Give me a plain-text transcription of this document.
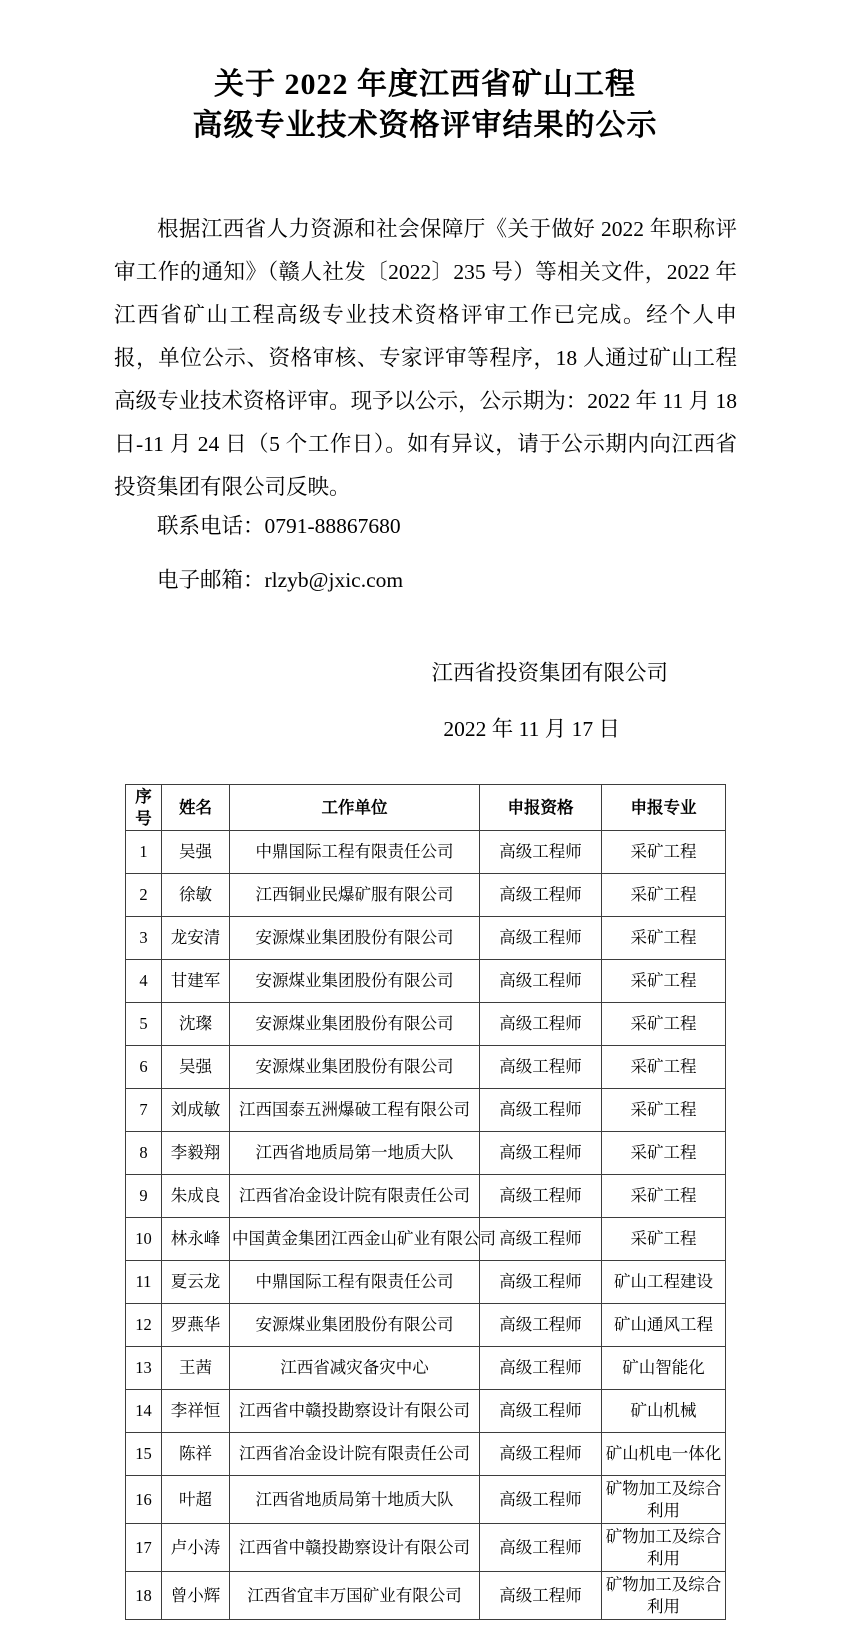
关于 2022 年度江西省矿山工程
高级专业技术资格评审结果的公示

根据江西省人力资源和社会保障厅《关于做好 2022 年职称评审工作的通知》（赣人社发〔2022〕235 号）等相关文件，2022 年江西省矿山工程高级专业技术资格评审工作已完成。经个人申报，单位公示、资格审核、专家评审等程序，18 人通过矿山工程高级专业技术资格评审。现予以公示，公示期为：2022 年 11 月 18 日-11 月 24 日（5 个工作日）。如有异议，请于公示期内向江西省投资集团有限公司反映。

联系电话：0791-88867680

电子邮箱：rlzyb@jxic.com

江西省投资集团有限公司
2022 年 11 月 17 日
序号	姓名	工作单位	申报资格	申报专业
1	吴强	中鼎国际工程有限责任公司	高级工程师	采矿工程
2	徐敏	江西铜业民爆矿服有限公司	高级工程师	采矿工程
3	龙安清	安源煤业集团股份有限公司	高级工程师	采矿工程
4	甘建军	安源煤业集团股份有限公司	高级工程师	采矿工程
5	沈璨	安源煤业集团股份有限公司	高级工程师	采矿工程
6	吴强	安源煤业集团股份有限公司	高级工程师	采矿工程
7	刘成敏	江西国泰五洲爆破工程有限公司	高级工程师	采矿工程
8	李毅翔	江西省地质局第一地质大队	高级工程师	采矿工程
9	朱成良	江西省冶金设计院有限责任公司	高级工程师	采矿工程
10	林永峰	中国黄金集团江西金山矿业有限公司	高级工程师	采矿工程
11	夏云龙	中鼎国际工程有限责任公司	高级工程师	矿山工程建设
12	罗燕华	安源煤业集团股份有限公司	高级工程师	矿山通风工程
13	王茜	江西省减灾备灾中心	高级工程师	矿山智能化
14	李祥恒	江西省中赣投勘察设计有限公司	高级工程师	矿山机械
15	陈祥	江西省冶金设计院有限责任公司	高级工程师	矿山机电一体化
16	叶超	江西省地质局第十地质大队	高级工程师	矿物加工及综合利用
17	卢小涛	江西省中赣投勘察设计有限公司	高级工程师	矿物加工及综合利用
18	曾小辉	江西省宜丰万国矿业有限公司	高级工程师	矿物加工及综合利用
